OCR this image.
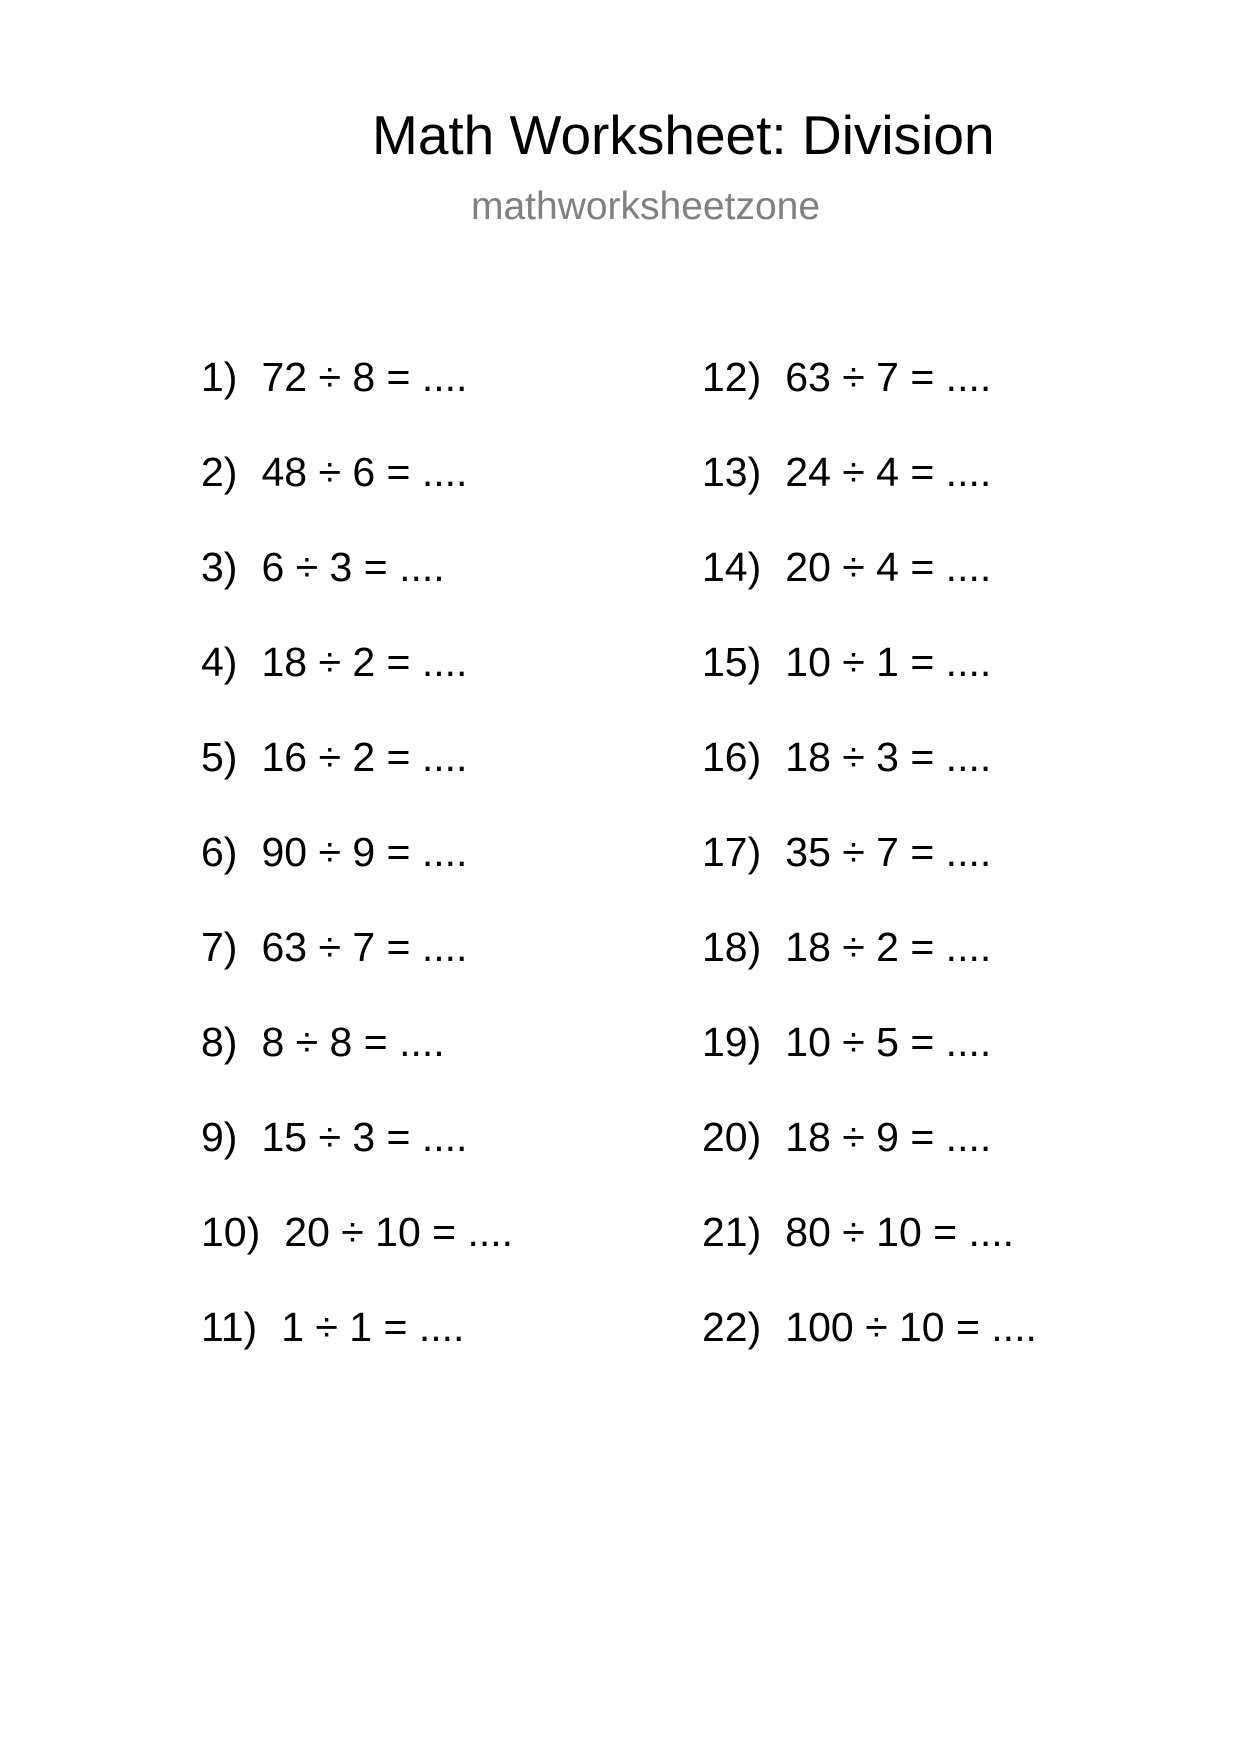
Math Worksheet: Division
mathworksheetzone
1) 72 ÷ 8 = ....
2) 48 ÷ 6 = ....
3) 6 ÷ 3 = ....
4) 18 ÷ 2 = ....
5) 16 ÷ 2 = ....
6) 90 ÷ 9 = ....
7) 63 ÷ 7 = ....
8) 8 ÷ 8 = ....
9) 15 ÷ 3 = ....
10) 20 ÷ 10 = ....
11) 1 ÷ 1 = ....
12) 63 ÷ 7 = ....
13) 24 ÷ 4 = ....
14) 20 ÷ 4 = ....
15) 10 ÷ 1 = ....
16) 18 ÷ 3 = ....
17) 35 ÷ 7 = ....
18) 18 ÷ 2 = ....
19) 10 ÷ 5 = ....
20) 18 ÷ 9 = ....
21) 80 ÷ 10 = ....
22) 100 ÷ 10 = ....
